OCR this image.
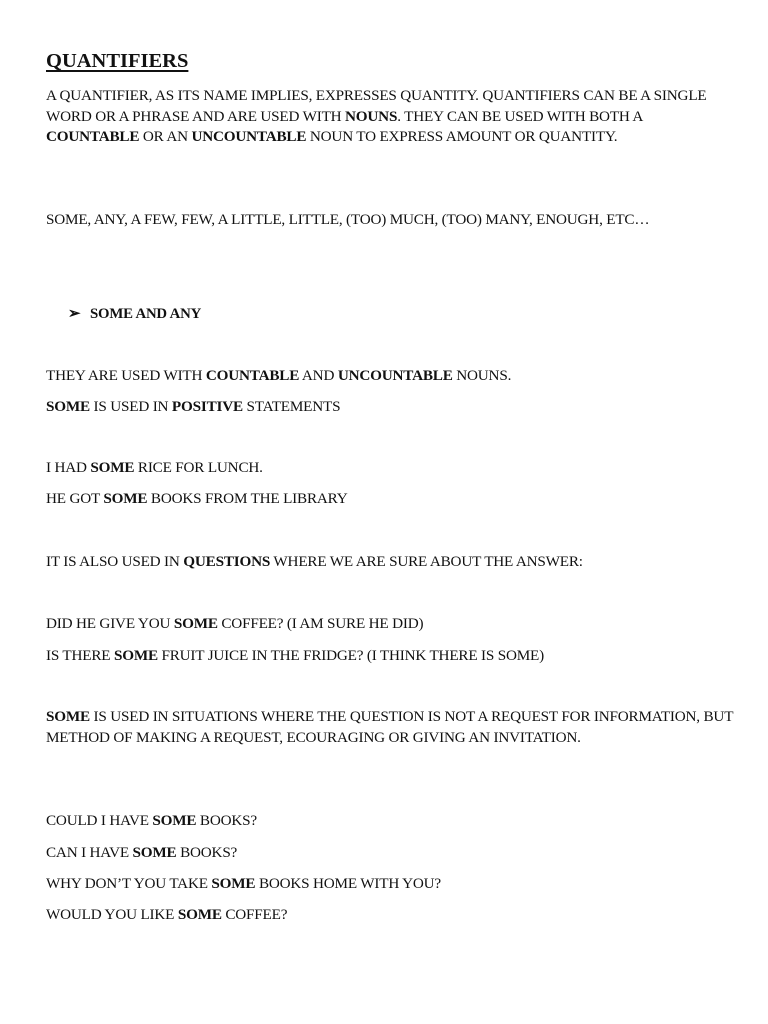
QUANTIFIERS

A QUANTIFIER, AS ITS NAME IMPLIES, EXPRESSES QUANTITY. QUANTIFIERS CAN BE A SINGLE WORD OR A PHRASE AND ARE USED WITH NOUNS. THEY CAN BE USED WITH BOTH A COUNTABLE OR AN UNCOUNTABLE NOUN TO EXPRESS AMOUNT OR QUANTITY.

SOME, ANY, A FEW, FEW, A LITTLE, LITTLE, (TOO) MUCH, (TOO) MANY, ENOUGH, ETC…

➢ SOME AND ANY

THEY ARE USED WITH COUNTABLE AND UNCOUNTABLE NOUNS.

SOME IS USED IN POSITIVE STATEMENTS

I HAD SOME RICE FOR LUNCH.

HE GOT SOME BOOKS FROM THE LIBRARY

IT IS ALSO USED IN QUESTIONS WHERE WE ARE SURE ABOUT THE ANSWER:

DID HE GIVE YOU SOME COFFEE? (I AM SURE HE DID)

IS THERE SOME FRUIT JUICE IN THE FRIDGE? (I THINK THERE IS SOME)

SOME IS USED IN SITUATIONS WHERE THE QUESTION IS NOT A REQUEST FOR INFORMATION, BUT METHOD OF MAKING A REQUEST, ECOURAGING OR GIVING AN INVITATION.

COULD I HAVE SOME BOOKS?

CAN I HAVE SOME BOOKS?

WHY DON’T YOU TAKE SOME BOOKS HOME WITH YOU?

WOULD YOU LIKE SOME COFFEE?
